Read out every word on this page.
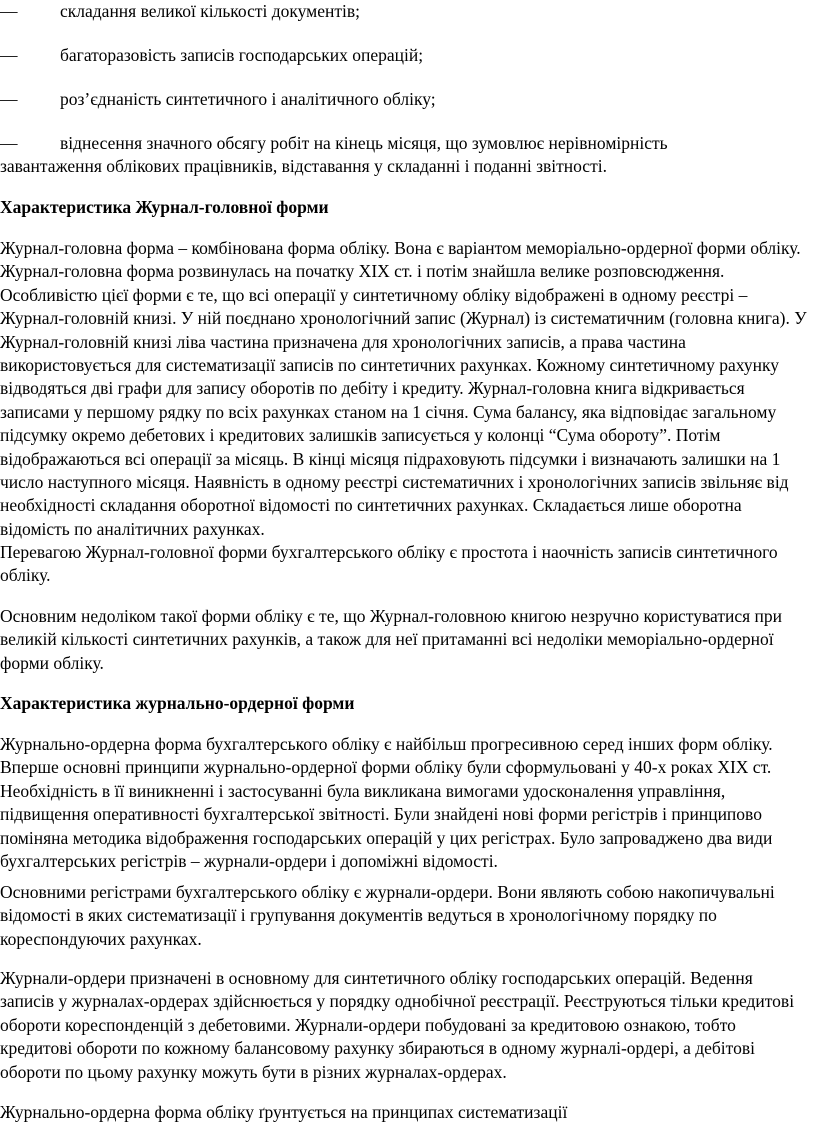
—	складання великої кількості документів;
—	багаторазовість записів господарських операцій;
—	роз’єднаність синтетичного і аналітичного обліку;
—	віднесення значного обсягу робіт на кінець місяця, що зумовлює нерівномірність
завантаження облікових працівників, відставання у складанні і поданні звітності.
Характеристика Журнал-головної форми

Журнал-головна форма – комбінована форма обліку. Вона є варіантом меморіально-ордерної форми обліку. Журнал-головна форма розвинулась на початку XIX ст. і потім знайшла велике розповсюдження. Особливістю цієї форми є те, що всі операції у синтетичному обліку відображені в одному реєстрі – Журнал-головній книзі. У ній поєднано хронологічний запис (Журнал) із систематичним (головна книга). У Журнал-головній книзі ліва частина призначена для хронологічних записів, а права частина використовується для систематизації записів по синтетичних рахунках. Кожному синтетичному рахунку відводяться дві графи для запису оборотів по дебіту і кредиту. Журнал-головна книга відкривається записами у першому рядку по всіх рахунках станом на 1 січня. Сума балансу, яка відповідає загальному підсумку окремо дебетових і кредитових залишків записується у колонці “Сума обороту”. Потім відображаються всі операції за місяць. В кінці місяця підраховують підсумки і визначають залишки на 1 число наступного місяця. Наявність в одному реєстрі систематичних і хронологічних записів звільняє від необхідності складання оборотної відомості по синтетичних рахунках. Складається лише оборотна відомість по аналітичних рахунках.

Перевагою Журнал-головної форми бухгалтерського обліку є простота і наочність записів синтетичного обліку.

Основним недоліком такої форми обліку є те, що Журнал-головною книгою незручно користуватися при великій кількості синтетичних рахунків, а також для неї притаманні всі недоліки меморіально-ордерної форми обліку.

Характеристика журнально-ордерної форми

Журнально-ордерна форма бухгалтерського обліку є найбільш прогресивною серед інших форм обліку. Вперше основні принципи журнально-ордерної форми обліку були сформульовані у 40-х роках XIX ст. Необхідність в її виникненні і застосуванні була викликана вимогами удосконалення управління, підвищення оперативності бухгалтерської звітності. Були знайдені нові форми регістрів і принципово поміняна методика відображення господарських операцій у цих регістрах. Було запроваджено два види бухгалтерських регістрів – журнали-ордери і допоміжні відомості.

Основними регістрами бухгалтерського обліку є журнали-ордери. Вони являють собою накопичувальні відомості в яких систематизації і групування документів ведуться в хронологічному порядку по кореспондуючих рахунках.

Журнали-ордери призначені в основному для синтетичного обліку господарських операцій. Ведення записів у журналах-ордерах здійснюється у порядку однобічної реєстрації. Реєструються тільки кредитові обороти кореспонденцій з дебетовими. Журнали-ордери побудовані за кредитовою ознакою, тобто кредитові обороти по кожному балансовому рахунку збираються в одному журналі-ордері, а дебітові обороти по цьому рахунку можуть бути в різних журналах-ордерах.

Журнально-ордерна форма обліку ґрунтується на принципах систематизації
